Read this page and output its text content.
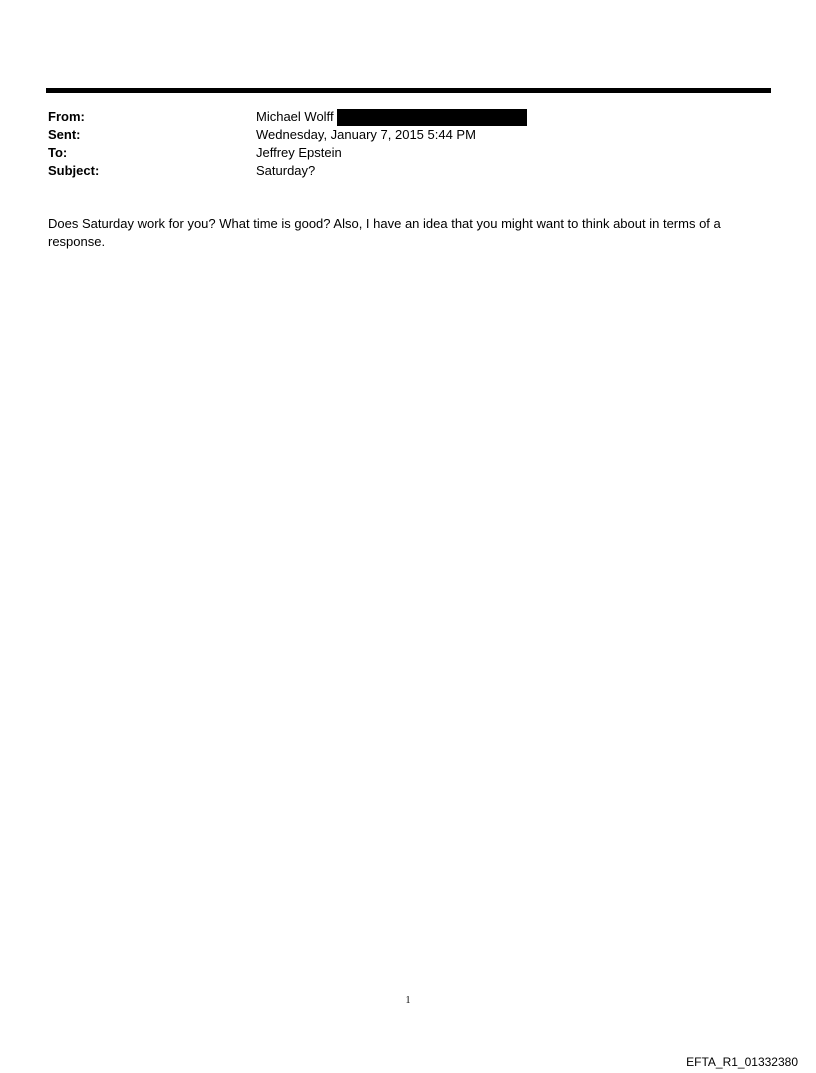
From:	Michael Wolff
Sent:	Wednesday, January 7, 2015 5:44 PM
To:	Jeffrey Epstein
Subject:	Saturday?
Does Saturday work for you? What time is good? Also, I have an idea that you might want to think about in terms of a response.
1
EFTA_R1_01332380
